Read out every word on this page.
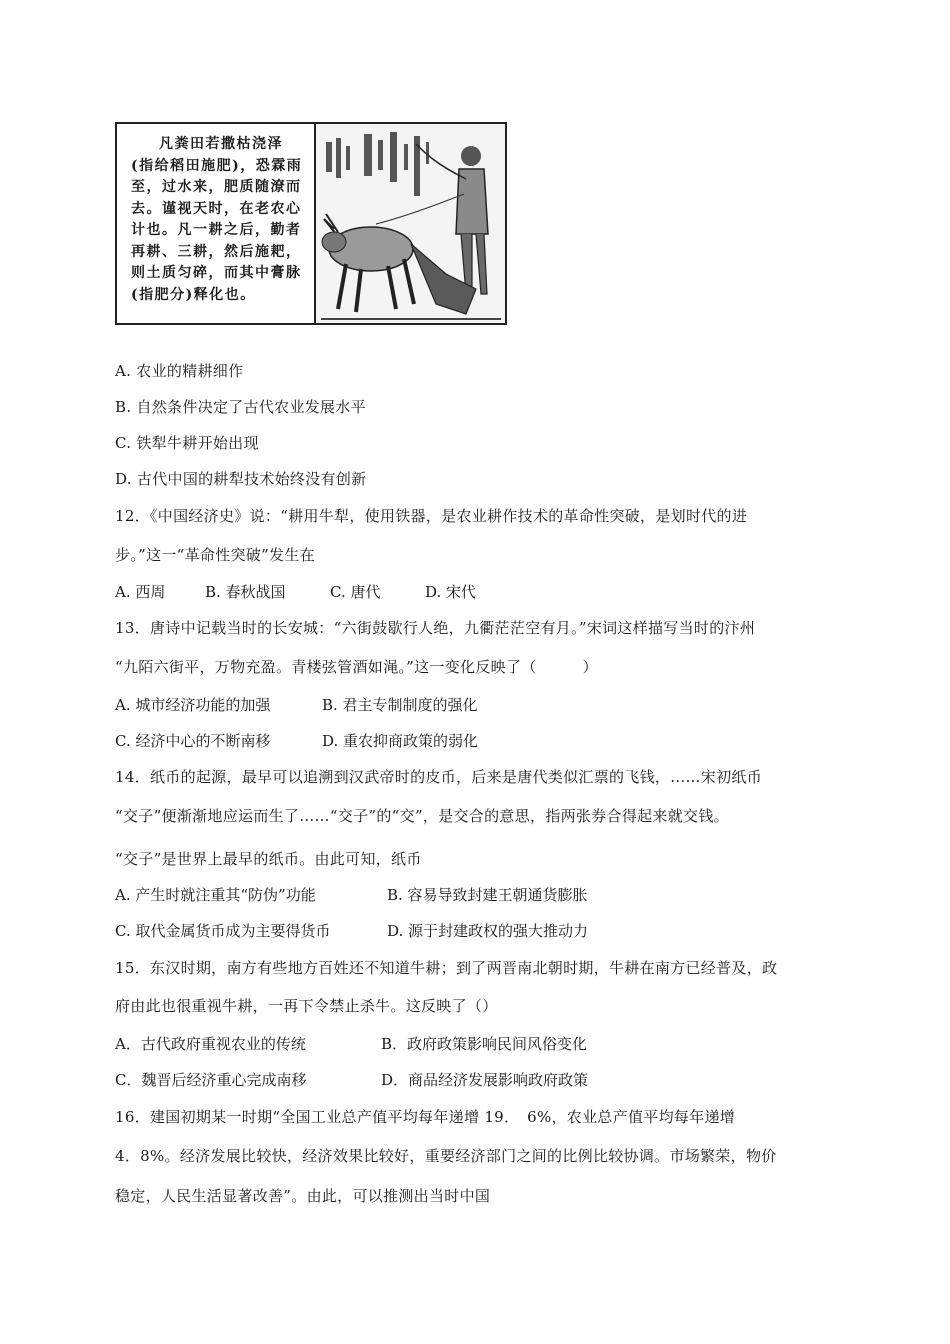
凡粪田若撒枯浇泽
(指给稻田施肥)，恐霖雨
至，过水来，肥质随潦而
去。谨视天时，在老农心
计也。凡一耕之后，勤者
再耕、三耕，然后施耙，
则土质匀碎，而其中膏脉
(指肥分)释化也。
A. 农业的精耕细作
B. 自然条件决定了古代农业发展水平
C. 铁犁牛耕开始出现
D. 古代中国的耕犁技术始终没有创新
12．《中国经济史》说：“耕用牛犁，使用铁器，是农业耕作技术的革命性突破，是划时代的进
步。”这一“革命性突破”发生在
A. 西周	B. 春秋战国	C. 唐代	D. 宋代
13．唐诗中记载当时的长安城：“六街鼓歇行人绝，九衢茫茫空有月。”宋词这样描写当时的汴州
“九陌六街平，万物充盈。青楼弦管酒如渑。”这一变化反映了（　　　）
A. 城市经济功能的加强	B. 君主专制制度的强化
C. 经济中心的不断南移	D. 重农抑商政策的弱化
14．纸币的起源，最早可以追溯到汉武帝时的皮币，后来是唐代类似汇票的飞钱，……宋初纸币
“交子”便渐渐地应运而生了……“交子”的“交”，是交合的意思，指两张券合得起来就交钱。
“交子”是世界上最早的纸币。由此可知，纸币
A. 产生时就注重其“防伪”功能	B. 容易导致封建王朝通货膨胀
C. 取代金属货币成为主要得货币	D. 源于封建政权的强大推动力
15．东汉时期，南方有些地方百姓还不知道牛耕；到了两晋南北朝时期，牛耕在南方已经普及，政
府由此也很重视牛耕，一再下令禁止杀牛。这反映了（）
A．古代政府重视农业的传统	B．政府政策影响民间风俗变化
C．魏晋后经济重心完成南移	D．商品经济发展影响政府政策
16．建国初期某一时期“全国工业总产值平均每年递增 19．　6%，农业总产值平均每年递增
4．8%。经济发展比较快，经济效果比较好，重要经济部门之间的比例比较协调。市场繁荣，物价
稳定，人民生活显著改善”。由此，可以推测出当时中国
